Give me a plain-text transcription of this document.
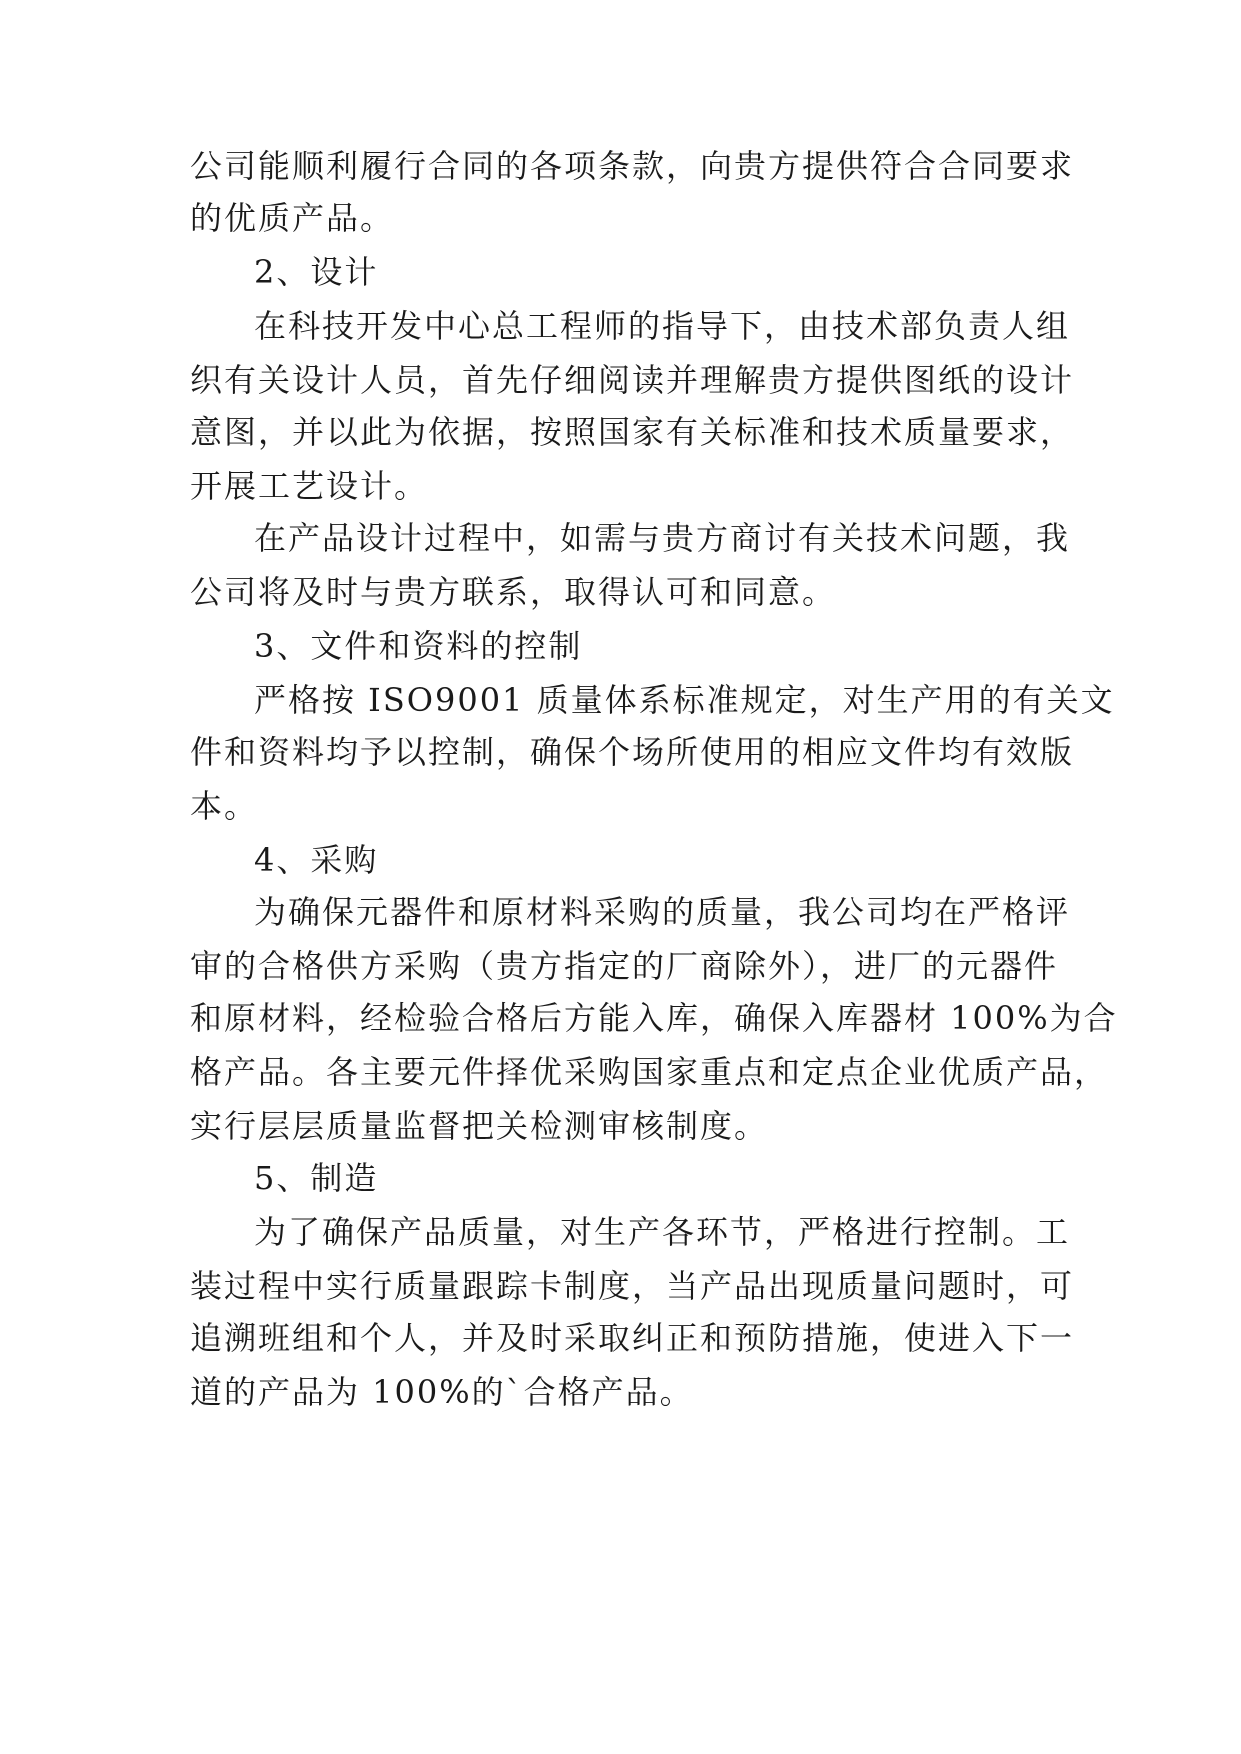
公司能顺利履行合同的各项条款，向贵方提供符合合同要求
的优质产品。
2、设计
在科技开发中心总工程师的指导下，由技术部负责人组
织有关设计人员，首先仔细阅读并理解贵方提供图纸的设计
意图，并以此为依据，按照国家有关标准和技术质量要求，
开展工艺设计。
在产品设计过程中，如需与贵方商讨有关技术问题，我
公司将及时与贵方联系，取得认可和同意。
3、文件和资料的控制
严格按 ISO9001 质量体系标准规定，对生产用的有关文
件和资料均予以控制，确保个场所使用的相应文件均有效版
本。
4、采购
为确保元器件和原材料采购的质量，我公司均在严格评
审的合格供方采购（贵方指定的厂商除外），进厂的元器件
和原材料，经检验合格后方能入库，确保入库器材 100%为合
格产品。各主要元件择优采购国家重点和定点企业优质产品，
实行层层质量监督把关检测审核制度。
5、制造
为了确保产品质量，对生产各环节，严格进行控制。工
装过程中实行质量跟踪卡制度，当产品出现质量问题时，可
追溯班组和个人，并及时采取纠正和预防措施，使进入下一
道的产品为 100%的`合格产品。
